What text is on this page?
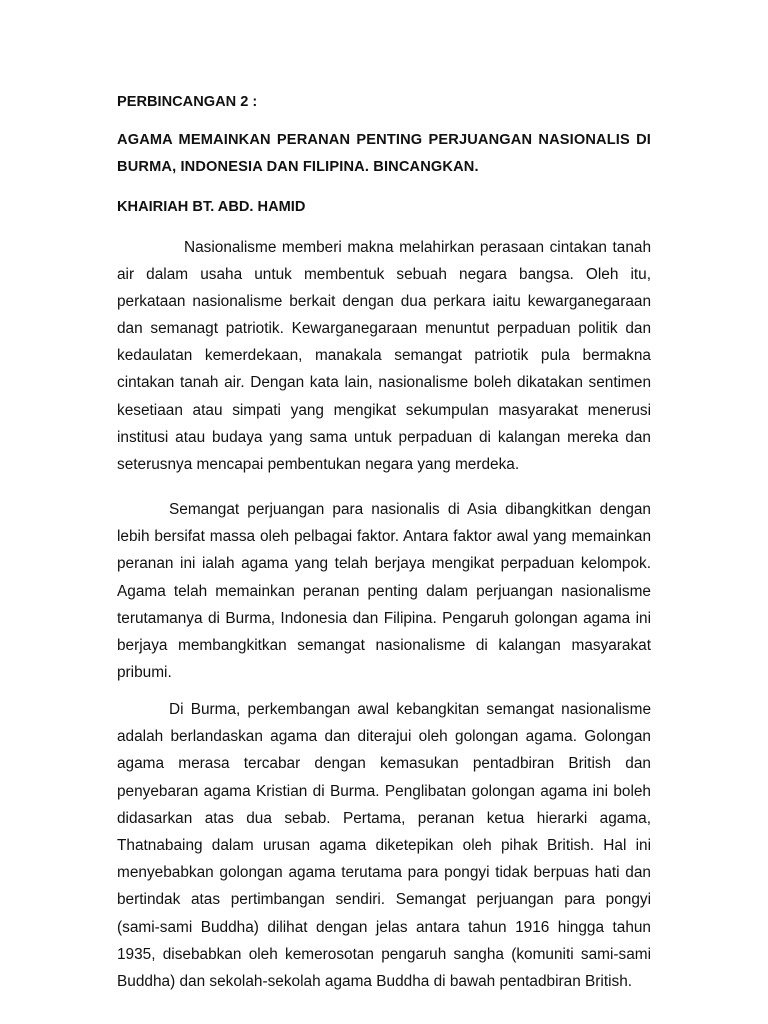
PERBINCANGAN 2 :

AGAMA MEMAINKAN PERANAN PENTING PERJUANGAN NASIONALIS DI BURMA, INDONESIA DAN FILIPINA. BINCANGKAN.

KHAIRIAH BT. ABD. HAMID

Nasionalisme memberi makna melahirkan perasaan cintakan tanah air dalam usaha untuk membentuk sebuah negara bangsa. Oleh itu, perkataan nasionalisme berkait dengan dua perkara iaitu kewarganegaraan dan semanagt patriotik. Kewarganegaraan menuntut perpaduan politik dan kedaulatan kemerdekaan, manakala semangat patriotik pula bermakna cintakan tanah air. Dengan kata lain, nasionalisme boleh dikatakan sentimen kesetiaan atau simpati yang mengikat sekumpulan masyarakat menerusi institusi atau budaya yang sama untuk perpaduan di kalangan mereka dan seterusnya mencapai pembentukan negara yang merdeka.

Semangat perjuangan para nasionalis di Asia dibangkitkan dengan lebih bersifat massa oleh pelbagai faktor. Antara faktor awal yang memainkan peranan ini ialah agama yang telah berjaya mengikat perpaduan kelompok. Agama telah memainkan peranan penting dalam perjuangan nasionalisme terutamanya di Burma, Indonesia dan Filipina. Pengaruh golongan agama ini berjaya membangkitkan semangat nasionalisme di kalangan masyarakat pribumi.

Di Burma, perkembangan awal kebangkitan semangat nasionalisme adalah berlandaskan agama dan diterajui oleh golongan agama. Golongan agama merasa tercabar dengan kemasukan pentadbiran British dan penyebaran agama Kristian di Burma. Penglibatan golongan agama ini boleh didasarkan atas dua sebab. Pertama, peranan ketua hierarki agama, Thatnabaing dalam urusan agama diketepikan oleh pihak British. Hal ini menyebabkan golongan agama terutama para pongyi tidak berpuas hati dan bertindak atas pertimbangan sendiri. Semangat perjuangan para pongyi (sami-sami Buddha) dilihat dengan jelas antara tahun 1916 hingga tahun 1935, disebabkan oleh kemerosotan pengaruh sangha (komuniti sami-sami Buddha) dan sekolah-sekolah agama Buddha di bawah pentadbiran British.
